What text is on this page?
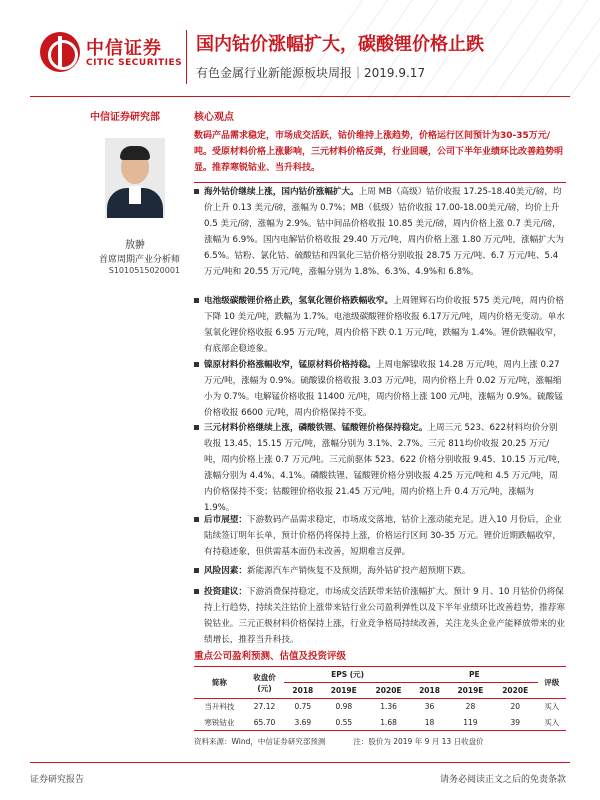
中信证券
CITIC SECURITIES
国内钴价涨幅扩大，碳酸锂价格止跌
有色金属行业新能源板块周报｜2019.9.17
中信证券研究部
敖翀
首席周期产业分析师
S1010515020001
核心观点
数码产品需求稳定，市场成交活跃，钴价维持上涨趋势，价格运行区间预计为30-35万元/吨。受原材料价格上涨影响，三元材料价格反弹，行业回暖，公司下半年业绩环比改善趋势明显。推荐寒锐钴业、当升科技。
海外钴价继续上涨，国内钴价涨幅扩大。上周 MB（高级）钴价收报 17.25-18.40美元/磅，均价上升 0.13 美元/磅，涨幅为 0.7%；MB（低级）钴价收报 17.00-18.00美元/磅，均价上升 0.5 美元/磅，涨幅为 2.9%。钴中间品价格收报 10.85 美元/磅，周内价格上涨 0.7 美元/磅，涨幅为 6.9%。国内电解钴价格收报 29.40 万元/吨，周内价格上涨 1.80 万元/吨，涨幅扩大为 6.5%。钴粉、氯化钴、硫酸钴和四氧化三钴价格分别收报 28.75 万元/吨、6.7 万元/吨、5.4 万元/吨和 20.55 万元/吨，涨幅分别为 1.8%、6.3%、4.9%和 6.8%。
电池级碳酸锂价格止跌，氢氧化锂价格跌幅收窄。上周锂辉石均价收报 575 美元/吨，周内价格下降 10 美元/吨，跌幅为 1.7%。电池级碳酸锂价格收报 6.17万元/吨，周内价格无变动。单水氢氧化锂价格收报 6.95 万元/吨，周内价格下跌 0.1 万元/吨，跌幅为 1.4%。锂价跌幅收窄，有底部企稳迹象。
镍原材料价格涨幅收窄，锰原材料价格持稳。上周电解镍收报 14.28 万元/吨，周内上涨 0.27 万元/吨，涨幅为 0.9%。硫酸镍价格收报 3.03 万元/吨，周内价格上升 0.02 万元/吨，涨幅缩小为 0.7%。电解锰价格收报 11400 元/吨，周内价格上涨 100 元/吨，涨幅为 0.9%。硫酸锰价格收报 6600 元/吨，周内价格保持不变。
三元材料价格继续上涨，磷酸铁锂、锰酸锂价格保持稳定。上周三元 523、622材料均价分别收报 13.45、15.15 万元/吨，涨幅分别为 3.1%、2.7%。三元 811均价收报 20.25 万元/吨，周内价格上涨 0.7 万元/吨。三元前驱体 523、622 价格分别收报 9.45、10.15 万元/吨，涨幅分别为 4.4%、4.1%。磷酸铁锂、锰酸锂价格分别收报 4.25 万元/吨和 4.5 万元/吨，周内价格保持不变；钴酸锂价格收报 21.45 万元/吨，周内价格上升 0.4 万元/吨，涨幅为 1.9%。
后市展望：下游数码产品需求稳定，市场成交落地，钴价上涨动能充足。进入10 月份后，企业陆续签订明年长单，预计价格仍将保持上涨，价格运行区间 30-35 万元。锂价近期跌幅收窄，有持稳迹象，但供需基本面仍未改善，短期难言反弹。
风险因素：新能源汽车产销恢复不及预期，海外钴矿投产超预期下跌。
投资建议：下游消费保持稳定，市场成交活跃带来钴价涨幅扩大。预计 9 月、10 月钴价仍将保持上行趋势，持续关注钴价上涨带来钴行业公司盈利弹性以及下半年业绩环比改善趋势，推荐寒锐钴业。三元正极材料价格保持上涨，行业竞争格局持续改善，关注龙头企业产能释放带来的业绩增长，推荐当升科技。
重点公司盈利预测、估值及投资评级
简称	收盘价
(元)	EPS (元)			PE			评级
		2018	2019E	2020E	2018	2019E	2020E	
当升科技	27.12	0.75	0.98	1.36	36	28	20	买入
寒锐钴业	65.70	3.69	0.55	1.68	18	119	39	买入
资料来源：Wind，中信证券研究部预测	注：股价为 2019 年 9 月 13 日收盘价
证券研究报告	请务必阅读正文之后的免责条款
